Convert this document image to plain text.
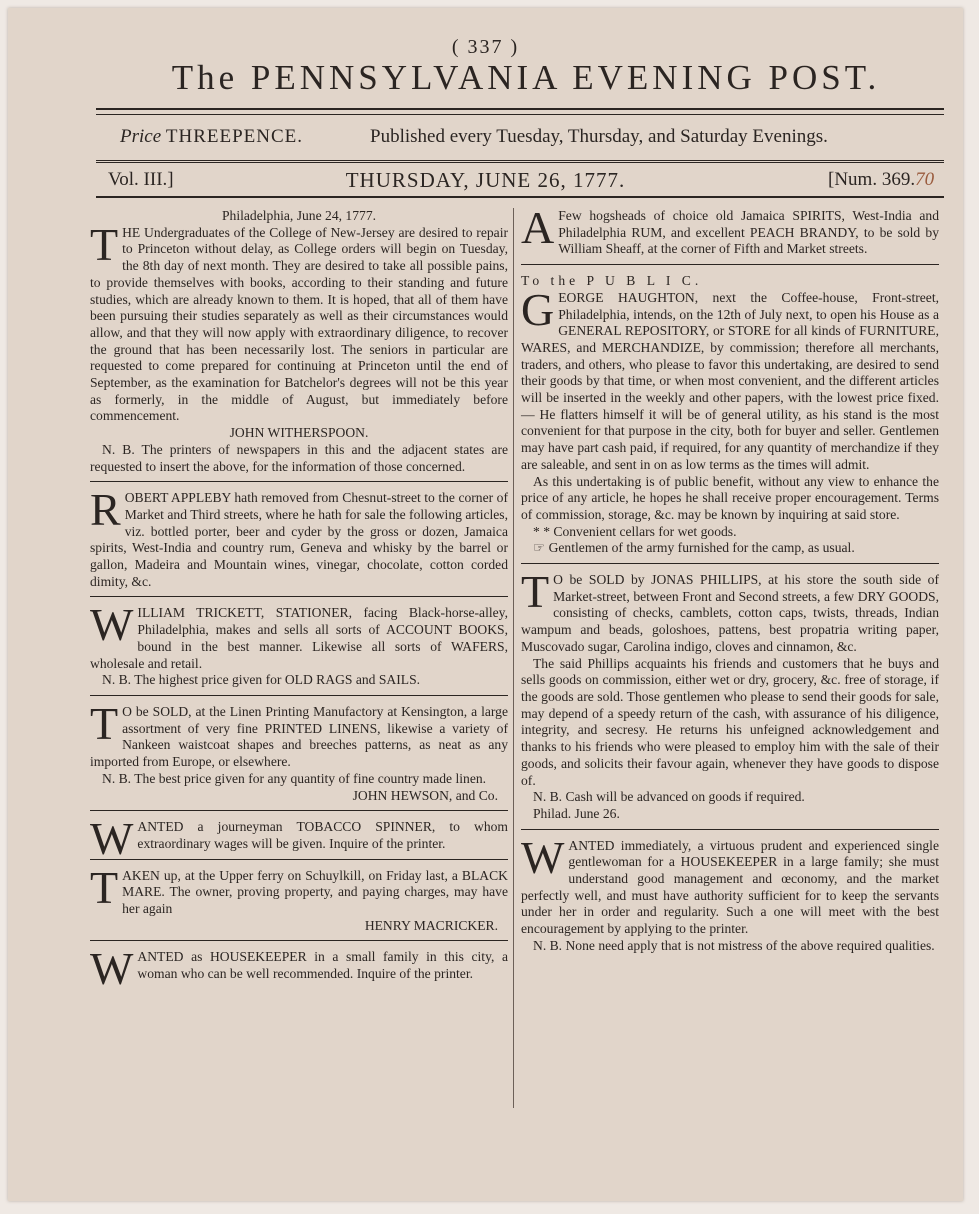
( 337 )
The PENNSYLVANIA EVENING POST.
Price THREEPENCE.	Published every Tuesday, Thursday, and Saturday Evenings.
Vol. III.]	THURSDAY, JUNE 26, 1777.	[Num. 369.70

Philadelphia, June 24, 1777.

THE Undergraduates of the College of New-Jersey are desired to repair to Princeton without delay, as College orders will begin on Tuesday, the 8th day of next month. They are desired to take all possible pains, to provide themselves with books, according to their standing and future studies, which are already known to them. It is hoped, that all of them have been pursuing their studies separately as well as their circumstances would allow, and that they will now apply with extraordinary diligence, to recover the ground that has been necessarily lost. The seniors in particular are requested to come prepared for continuing at Princeton until the end of September, as the examination for Batchelor's degrees will not be this year as formerly, in the middle of August, but immediately before commencement.

JOHN WITHERSPOON.

N. B. The printers of newspapers in this and the adjacent states are requested to insert the above, for the information of those concerned.

ROBERT APPLEBY hath removed from Chesnut-street to the corner of Market and Third streets, where he hath for sale the following articles, viz. bottled porter, beer and cyder by the gross or dozen, Jamaica spirits, West-India and country rum, Geneva and whisky by the barrel or gallon, Madeira and Mountain wines, vinegar, chocolate, cotton corded dimity, &c.

WILLIAM TRICKETT, STATIONER, facing Black-horse-alley, Philadelphia, makes and sells all sorts of ACCOUNT BOOKS, bound in the best manner. Likewise all sorts of WAFERS, wholesale and retail.

N. B. The highest price given for OLD RAGS and SAILS.

T O be SOLD, at the Linen Printing Manufactory at Kensington, a large assortment of very fine PRINTED LINENS, likewise a variety of Nankeen waistcoat shapes and breeches patterns, as neat as any imported from Europe, or elsewhere.

N. B. The best price given for any quantity of fine country made linen.

JOHN HEWSON, and Co.

WANTED a journeyman TOBACCO SPINNER, to whom extraordinary wages will be given. Inquire of the printer.

TAKEN up, at the Upper ferry on Schuylkill, on Friday last, a BLACK MARE. The owner, proving property, and paying charges, may have her again

HENRY MACRICKER.

WANTED as HOUSEKEEPER in a small family in this city, a woman who can be well recommended. Inquire of the printer.

A Few hogsheads of choice old Jamaica SPIRITS, West-India and Philadelphia RUM, and excellent PEACH BRANDY, to be sold by William Sheaff, at the corner of Fifth and Market streets.

To the P U B L I C.

GEORGE HAUGHTON, next the Coffee-house, Front-street, Philadelphia, intends, on the 12th of July next, to open his House as a GENERAL REPOSITORY, or STORE for all kinds of FURNITURE, WARES, and MERCHANDIZE, by commission; therefore all merchants, traders, and others, who please to favor this undertaking, are desired to send their goods by that time, or when most convenient, and the different articles will be inserted in the weekly and other papers, with the lowest price fixed.— He flatters himself it will be of general utility, as his stand is the most convenient for that purpose in the city, both for buyer and seller. Gentlemen may have part cash paid, if required, for any quantity of merchandize if they are saleable, and sent in on as low terms as the times will admit.

As this undertaking is of public benefit, without any view to enhance the price of any article, he hopes he shall receive proper encouragement. Terms of commission, storage, &c. may be known by inquiring at said store.

* * Convenient cellars for wet goods.

☞ Gentlemen of the army furnished for the camp, as usual.

T O be SOLD by JONAS PHILLIPS, at his store the south side of Market-street, between Front and Second streets, a few DRY GOODS, consisting of checks, camblets, cotton caps, twists, threads, Indian wampum and beads, goloshoes, pattens, best propatria writing paper, Muscovado sugar, Carolina indigo, cloves and cinnamon, &c.

The said Phillips acquaints his friends and customers that he buys and sells goods on commission, either wet or dry, grocery, &c. free of storage, if the goods are sold. Those gentlemen who please to send their goods for sale, may depend of a speedy return of the cash, with assurance of his diligence, integrity, and secresy. He returns his unfeigned acknowledgement and thanks to his friends who were pleased to employ him with the sale of their goods, and solicits their favour again, whenever they have goods to dispose of.

N. B. Cash will be advanced on goods if required.

Philad. June 26.

WANTED immediately, a virtuous prudent and experienced single gentlewoman for a HOUSEKEEPER in a large family; she must understand good management and œconomy, and the market perfectly well, and must have authority sufficient for to keep the servants under her in order and regularity. Such a one will meet with the best encouragement by applying to the printer.

N. B. None need apply that is not mistress of the above required qualities.
